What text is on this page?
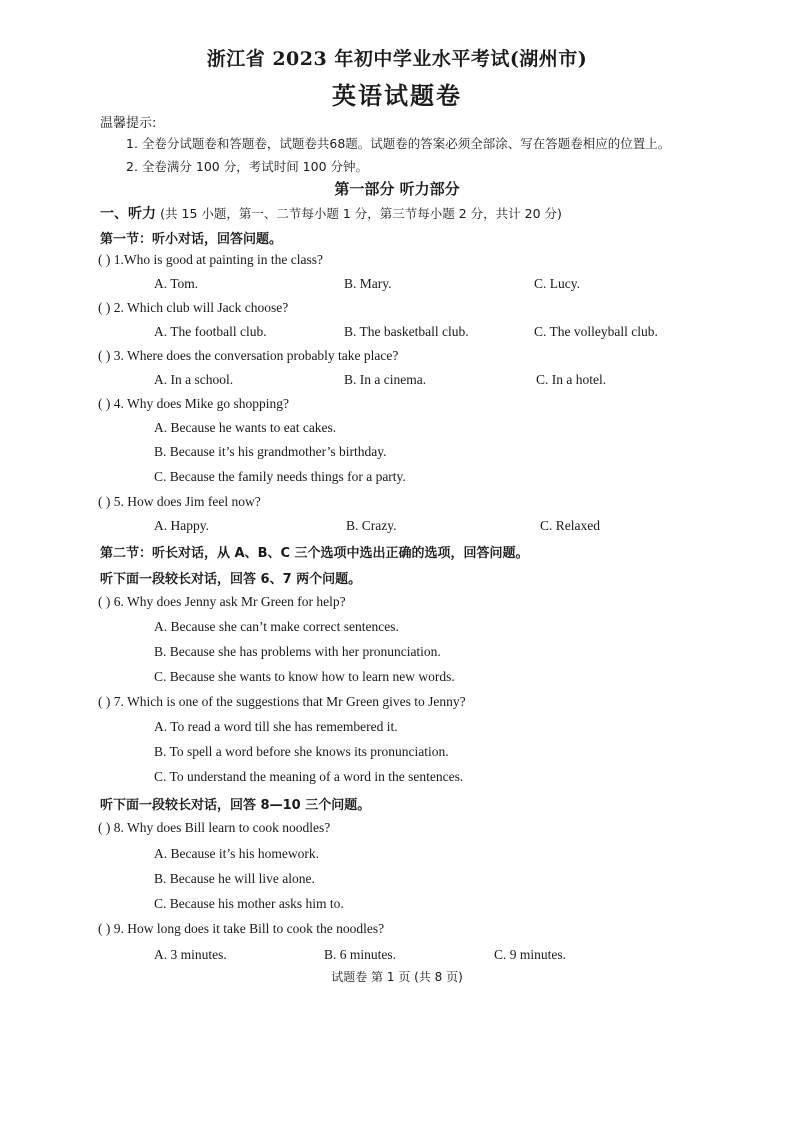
浙江省 2023 年初中学业水平考试(湖州市)
英语试题卷
温馨提示:
1. 全卷分试题卷和答题卷，试题卷共68题。试题卷的答案必须全部涂、写在答题卷相应的位置上。
2. 全卷满分 100 分，考试时间 100 分钟。
第一部分 听力部分
一、听力 (共 15 小题，第一、二节每小题 1 分，第三节每小题 2 分，共计 20 分)
第一节：听小对话，回答问题。
( ) 1.Who is good at painting in the class?
A. Tom.	B. Mary.	C. Lucy.
( ) 2. Which club will Jack choose?
A. The football club.	B. The basketball club.	C. The volleyball club.
( ) 3. Where does the conversation probably take place?
A. In a school.	B. In a cinema.	C. In a hotel.
( ) 4. Why does Mike go shopping?
A. Because he wants to eat cakes.
B. Because it’s his grandmother’s birthday.
C. Because the family needs things for a party.
( ) 5. How does Jim feel now?
A. Happy.	B. Crazy.	C. Relaxed
第二节：听长对话，从 A、B、C 三个选项中选出正确的选项，回答问题。
听下面一段较长对话，回答 6、7 两个问题。
( ) 6. Why does Jenny ask Mr Green for help?
A. Because she can’t make correct sentences.
B. Because she has problems with her pronunciation.
C. Because she wants to know how to learn new words.
( ) 7. Which is one of the suggestions that Mr Green gives to Jenny?
A. To read a word till she has remembered it.
B. To spell a word before she knows its pronunciation.
C. To understand the meaning of a word in the sentences.
听下面一段较长对话，回答 8—10 三个问题。
( ) 8. Why does Bill learn to cook noodles?
A. Because it’s his homework.
B. Because he will live alone.
C. Because his mother asks him to.
( ) 9. How long does it take Bill to cook the noodles?
A. 3 minutes.	B. 6 minutes.	C. 9 minutes.
试题卷 第 1 页 (共 8 页)
